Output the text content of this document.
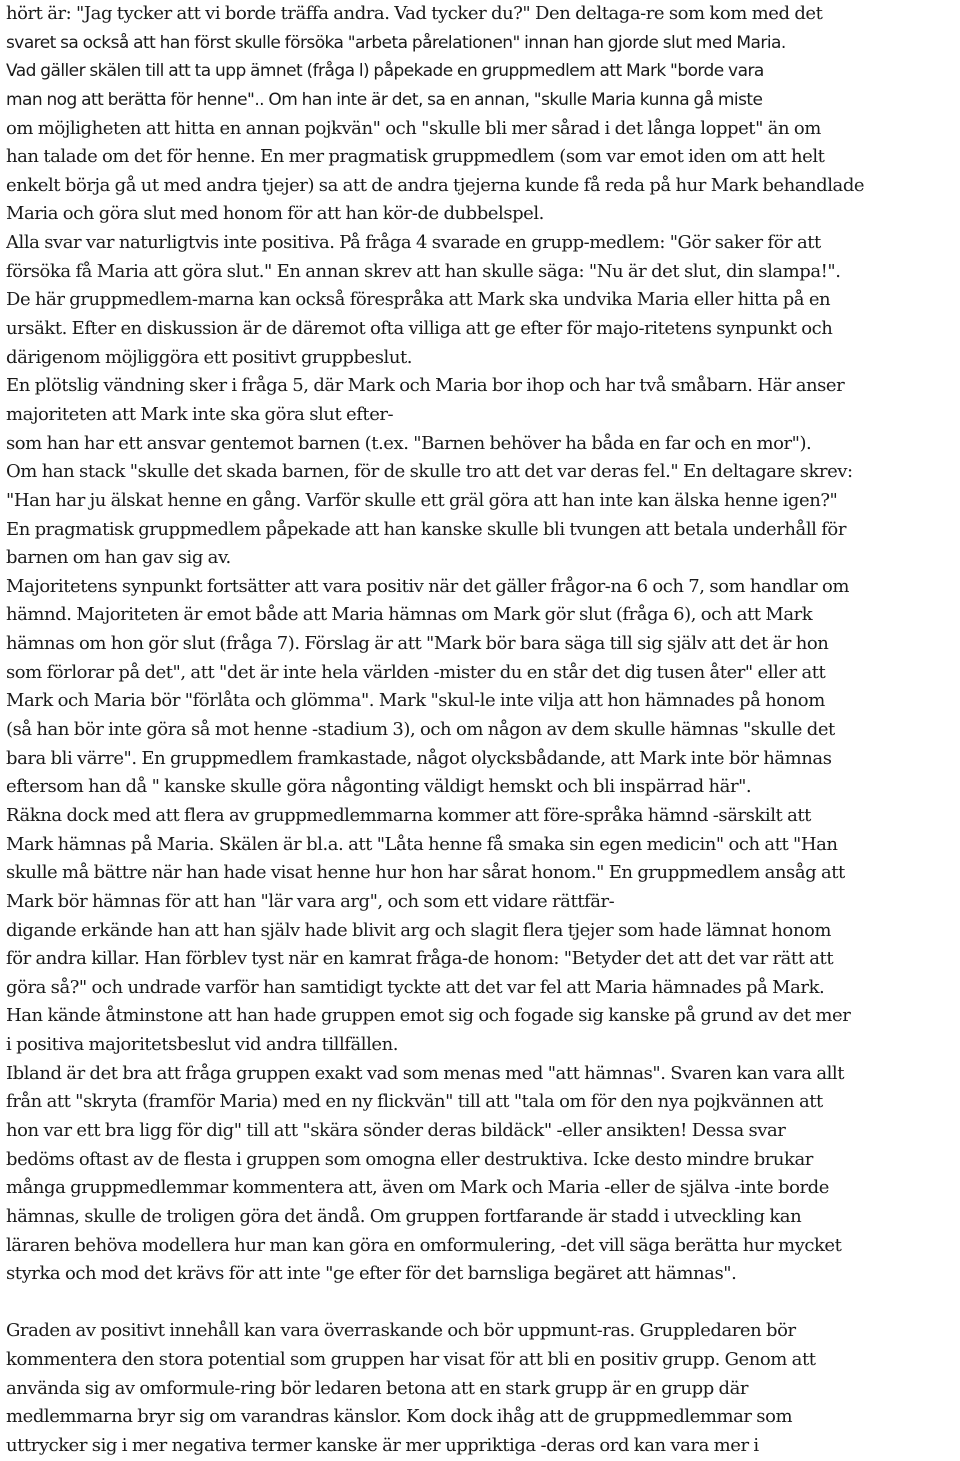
hört är: "Jag tycker att vi borde träffa andra. Vad tycker du?" Den deltaga-re som kom med det
svaret sa också att han först skulle försöka "arbeta pårelationen" innan han gjorde slut med Maria.
Vad gäller skälen till att ta upp ämnet (fråga l) påpekade en gruppmedlem att Mark "borde vara
man nog att berätta för henne".. Om han inte är det, sa en annan, "skulle Maria kunna gå miste
om möjligheten att hitta en annan pojkvän" och "skulle bli mer sårad i det långa loppet" än om
han talade om det för henne. En mer pragmatisk gruppmedlem (som var emot iden om att helt
enkelt börja gå ut med andra tjejer) sa att de andra tjejerna kunde få reda på hur Mark behandlade
Maria och göra slut med honom för att han kör-de dubbelspel.
Alla svar var naturligtvis inte positiva. På fråga 4 svarade en grupp-medlem: "Gör saker för att
försöka få Maria att göra slut." En annan skrev att han skulle säga: "Nu är det slut, din slampa!".
De här gruppmedlem-marna kan också förespråka att Mark ska undvika Maria eller hitta på en
ursäkt. Efter en diskussion är de däremot ofta villiga att ge efter för majo-ritetens synpunkt och
därigenom möjliggöra ett positivt gruppbeslut.
En plötslig vändning sker i fråga 5, där Mark och Maria bor ihop och har två småbarn. Här anser
majoriteten att Mark inte ska göra slut efter-
som han har ett ansvar gentemot barnen (t.ex. "Barnen behöver ha båda en far och en mor").
Om han stack "skulle det skada barnen, för de skulle tro att det var deras fel." En deltagare skrev:
"Han har ju älskat henne en gång. Varför skulle ett gräl göra att han inte kan älska henne igen?"
En pragmatisk gruppmedlem påpekade att han kanske skulle bli tvungen att betala underhåll för
barnen om han gav sig av.
Majoritetens synpunkt fortsätter att vara positiv när det gäller frågor-na 6 och 7, som handlar om
hämnd. Majoriteten är emot både att Maria hämnas om Mark gör slut (fråga 6), och att Mark
hämnas om hon gör slut (fråga 7). Förslag är att "Mark bör bara säga till sig själv att det är hon
som förlorar på det", att "det är inte hela världen -mister du en står det dig tusen åter" eller att
Mark och Maria bör "förlåta och glömma". Mark "skul-le inte vilja att hon hämnades på honom
(så han bör inte göra så mot henne -stadium 3), och om någon av dem skulle hämnas "skulle det
bara bli värre". En gruppmedlem framkastade, något olycksbådande, att Mark inte bör hämnas
eftersom han då " kanske skulle göra någonting väldigt hemskt och bli inspärrad här".
Räkna dock med att flera av gruppmedlemmarna kommer att före-språka hämnd -särskilt att
Mark hämnas på Maria. Skälen är bl.a. att "Låta henne få smaka sin egen medicin" och att "Han
skulle må bättre när han hade visat henne hur hon har sårat honom." En gruppmedlem ansåg att
Mark bör hämnas för att han "lär vara arg", och som ett vidare rättfär-
digande erkände han att han själv hade blivit arg och slagit flera tjejer som hade lämnat honom
för andra killar. Han förblev tyst när en kamrat fråga-de honom: "Betyder det att det var rätt att
göra så?" och undrade varför han samtidigt tyckte att det var fel att Maria hämnades på Mark.
Han kände åtminstone att han hade gruppen emot sig och fogade sig kanske på grund av det mer
i positiva majoritetsbeslut vid andra tillfällen.
Ibland är det bra att fråga gruppen exakt vad som menas med "att hämnas". Svaren kan vara allt
från att "skryta (framför Maria) med en ny flickvän" till att "tala om för den nya pojkvännen att
hon var ett bra ligg för dig" till att "skära sönder deras bildäck" -eller ansikten! Dessa svar
bedöms oftast av de flesta i gruppen som omogna eller destruktiva. Icke desto mindre brukar
många gruppmedlemmar kommentera att, även om Mark och Maria -eller de själva -inte borde
hämnas, skulle de troligen göra det ändå. Om gruppen fortfarande är stadd i utveckling kan
läraren behöva modellera hur man kan göra en omformulering, -det vill säga berätta hur mycket
styrka och mod det krävs för att inte "ge efter för det barnsliga begäret att hämnas".
Graden av positivt innehåll kan vara överraskande och bör uppmunt-ras. Gruppledaren bör
kommentera den stora potential som gruppen har visat för att bli en positiv grupp. Genom att
använda sig av omformule-ring bör ledaren betona att en stark grupp är en grupp där
medlemmarna bryr sig om varandras känslor. Kom dock ihåg att de gruppmedlemmar som
uttrycker sig i mer negativa termer kanske är mer uppriktiga -deras ord kan vara mer i
